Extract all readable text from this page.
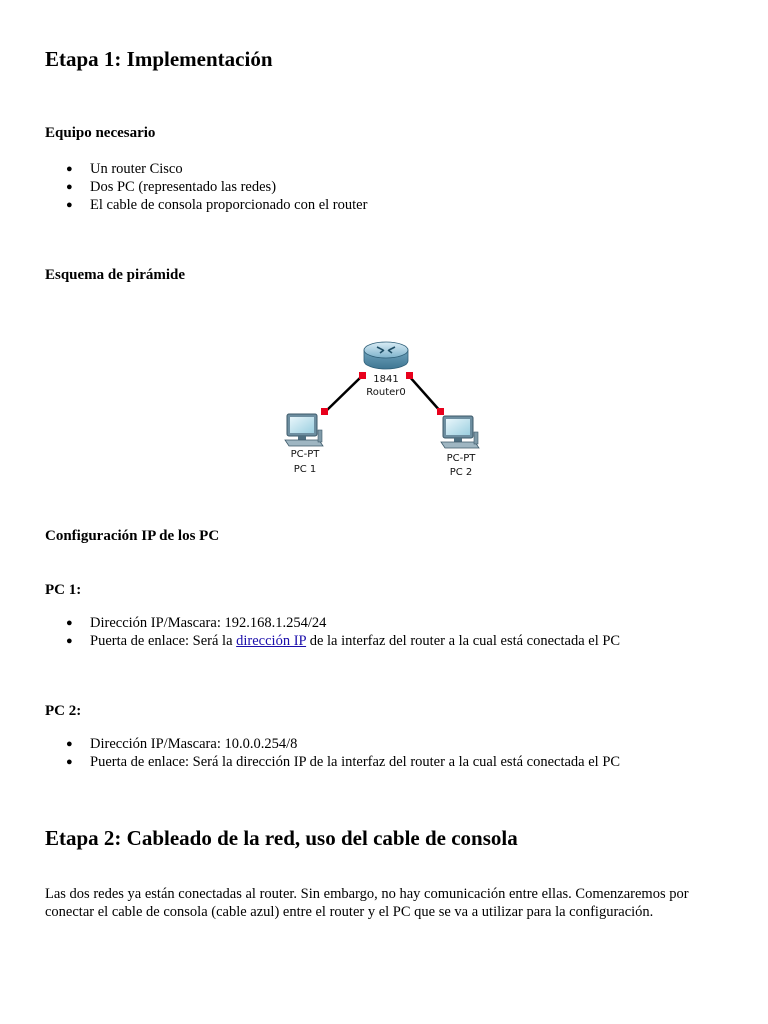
Etapa 1: Implementación
Equipo necesario
● Un router Cisco
● Dos PC (representado las redes)
● El cable de consola proporcionado con el router
Esquema de pirámide
1841
Router0
PC-PT
PC 1
PC-PT
PC 2
Configuración IP de los PC
PC 1:
● Dirección IP/Mascara: 192.168.1.254/24
● Puerta de enlace: Será la dirección IP de la interfaz del router a la cual está conectada el PC
PC 2:
● Dirección IP/Mascara: 10.0.0.254/8
● Puerta de enlace: Será la dirección IP de la interfaz del router a la cual está conectada el PC
Etapa 2: Cableado de la red, uso del cable de consola

Las dos redes ya están conectadas al router. Sin embargo, no hay comunicación entre ellas. Comenzaremos por
conectar el cable de consola (cable azul) entre el router y el PC que se va a utilizar para la configuración.
